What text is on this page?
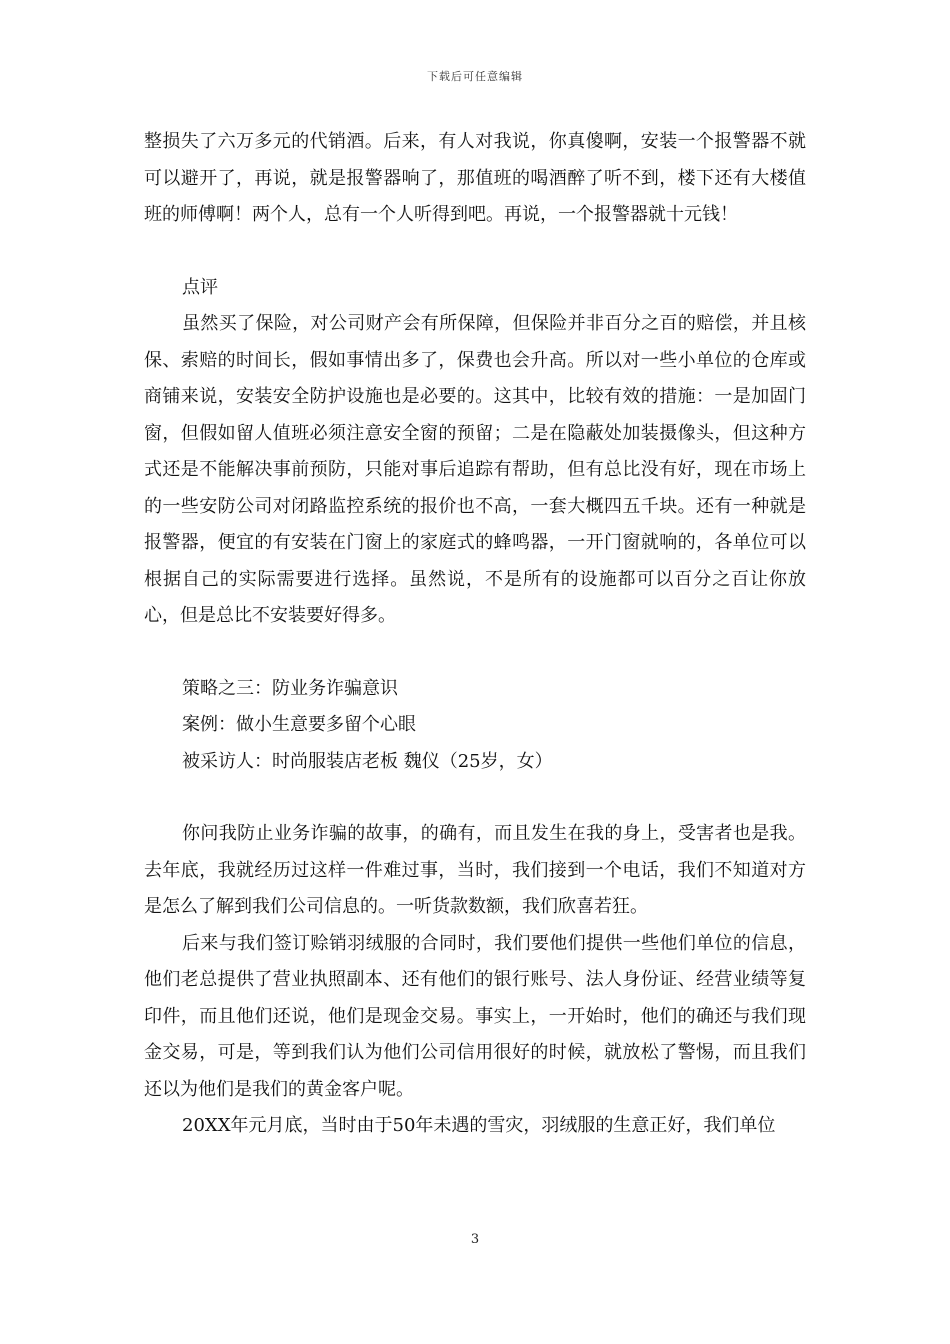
下载后可任意编辑

整损失了六万多元的代销酒。后来，有人对我说，你真傻啊，安装一个报警器不就可以避开了，再说，就是报警器响了，那值班的喝酒醉了听不到，楼下还有大楼值班的师傅啊！两个人，总有一个人听得到吧。再说，一个报警器就十元钱！

点评

虽然买了保险，对公司财产会有所保障，但保险并非百分之百的赔偿，并且核保、索赔的时间长，假如事情出多了，保费也会升高。所以对一些小单位的仓库或商铺来说，安装安全防护设施也是必要的。这其中，比较有效的措施：一是加固门窗，但假如留人值班必须注意安全窗的预留；二是在隐蔽处加装摄像头，但这种方式还是不能解决事前预防，只能对事后追踪有帮助，但有总比没有好，现在市场上的一些安防公司对闭路监控系统的报价也不高，一套大概四五千块。还有一种就是报警器，便宜的有安装在门窗上的家庭式的蜂鸣器，一开门窗就响的，各单位可以根据自己的实际需要进行选择。虽然说，不是所有的设施都可以百分之百让你放心，但是总比不安装要好得多。

策略之三：防业务诈骗意识

案例：做小生意要多留个心眼

被采访人：时尚服装店老板 魏仪（25岁，女）

你问我防止业务诈骗的故事，的确有，而且发生在我的身上，受害者也是我。去年底，我就经历过这样一件难过事，当时，我们接到一个电话，我们不知道对方是怎么了解到我们公司信息的。一听货款数额，我们欣喜若狂。

后来与我们签订赊销羽绒服的合同时，我们要他们提供一些他们单位的信息，他们老总提供了营业执照副本、还有他们的银行账号、法人身份证、经营业绩等复印件，而且他们还说，他们是现金交易。事实上，一开始时，他们的确还与我们现金交易，可是，等到我们认为他们公司信用很好的时候，就放松了警惕，而且我们还以为他们是我们的黄金客户呢。

20XX年元月底，当时由于50年未遇的雪灾，羽绒服的生意正好，我们单位

3
